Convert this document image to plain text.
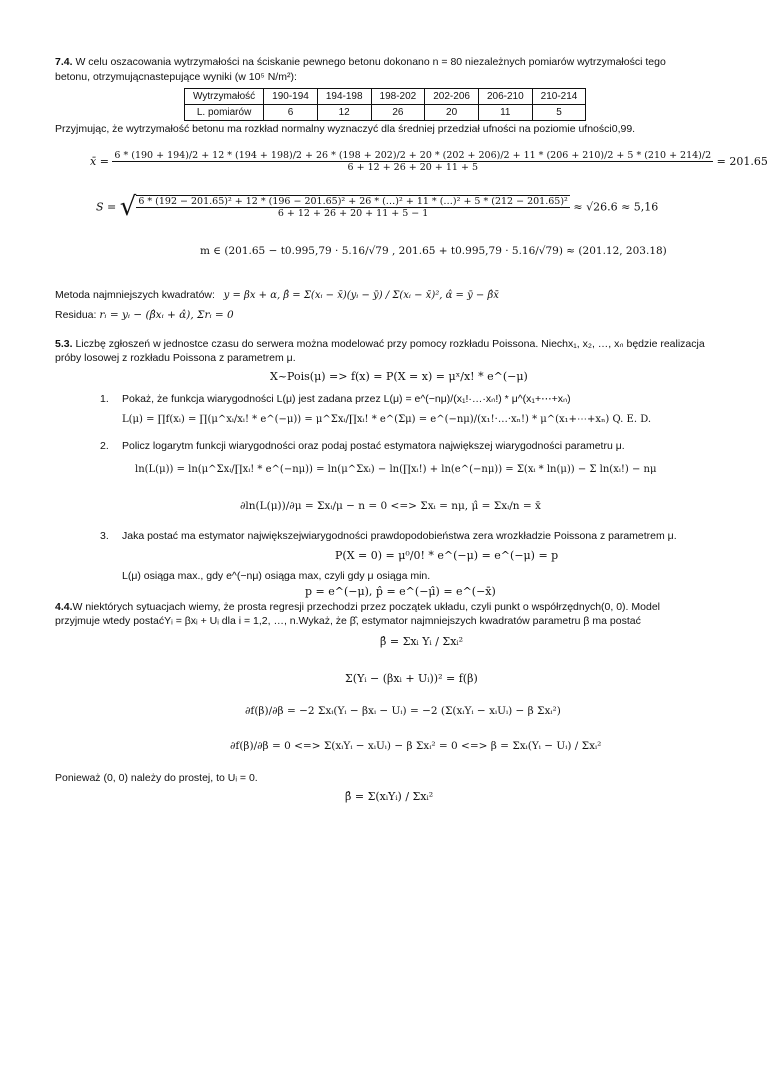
7.4. W celu oszacowania wytrzymałości na ściskanie pewnego betonu dokonano n = 80 niezależnych pomiarów wytrzymałości tego
betonu, otrzymującnastepujące wyniki (w 10⁵ N/m²):
Wytrzymałość	190-194	194-198	198-202	202-206	206-210	210-214
L. pomiarów	6	12	26	20	11	5
Przyjmując, że wytrzymałość betonu ma rozkład normalny wyznaczyć dla średniej przedział ufności na poziomie ufności0,99.
x̄ = 6 * (190 + 194)/2 + 12 * (194 + 198)/2 + 26 * (198 + 202)/2 + 20 * (202 + 206)/2 + 11 * (206 + 210)/2 + 5 * (210 + 214)/2
6 + 12 + 26 + 20 + 11 + 5	= 201.65
S = √ 6 * (192 − 201.65)² + 12 * (196 − 201.65)² + 26 * (…)² + 11 * (…)² + 5 * (212 − 201.65)²
6 + 12 + 26 + 20 + 11 + 5 − 1	≈ √26.6 ≈ 5,16
m ∈ (201.65 − t0.995,79 · 5.16/√79 , 201.65 + t0.995,79 · 5.16/√79) ≈ (201.12, 203.18)
Metoda najmniejszych kwadratów: y = βx + α, β̂ = Σ(xᵢ − x̄)(yᵢ − ȳ) / Σ(xᵢ − x̄)², α̂ = ȳ − β̂x̄
Residua: rᵢ = yᵢ − (β̂xᵢ + α̂), Σrᵢ = 0
5.3. Liczbę zgłoszeń w jednostce czasu do serwera można modelować przy pomocy rozkładu Poissona. Niechx₁, x₂, …, xₙ będzie realizacja
próby losowej z rozkładu Poissona z parametrem μ.
X~Pois(μ) => f(x) = P(X = x) = μˣ/x! * e^(−μ)
1. Pokaż, że funkcja wiarygodności L(μ) jest zadana przez L(μ) = e^(−nμ)/(x₁!·…·xₙ!) * μ^(x₁+⋯+xₙ)
L(μ) = ∏f(xᵢ) = ∏(μ^xᵢ/xᵢ! * e^(−μ)) = μ^Σxᵢ/∏xᵢ! * e^(Σμ) = e^(−nμ)/(x₁!·…·xₙ!) * μ^(x₁+⋯+xₙ) Q. E. D.
2. Policz logarytm funkcji wiarygodności oraz podaj postać estymatora największej wiarygodności parametru μ.
ln(L(μ)) = ln(μ^Σxᵢ/∏xᵢ! * e^(−nμ)) = ln(μ^Σxᵢ) − ln(∏xᵢ!) + ln(e^(−nμ)) = Σ(xᵢ * ln(μ)) − Σ ln(xᵢ!) − nμ
∂ln(L(μ))/∂μ = Σxᵢ/μ − n = 0 <=> Σxᵢ = nμ, μ̂ = Σxᵢ/n = x̄
3. Jaka postać ma estymator największejwiarygodności prawdopodobieństwa zera wrozkładzie Poissona z parametrem μ.
P(X = 0) = μ⁰/0! * e^(−μ) = e^(−μ) = p
L(μ) osiąga max., gdy e^(−nμ) osiąga max, czyli gdy μ osiąga min.
p = e^(−μ), p̂ = e^(−μ̂) = e^(−x̄)
4.4.W niektórych sytuacjach wiemy, że prosta regresji przechodzi przez początek układu, czyli punkt o współrzędnych(0, 0). Model
przyjmuje wtedy postaćYᵢ = βxᵢ + Uᵢ dla i = 1,2, …, n.Wykaż, że β̂, estymator najmniejszych kwadratów parametru β ma postać
β̂ = Σxᵢ Yᵢ / Σxᵢ²
Σ(Yᵢ − (βxᵢ + Uᵢ))² = f(β)
∂f(β)/∂β = −2 Σxᵢ(Yᵢ − βxᵢ − Uᵢ) = −2 (Σ(xᵢYᵢ − xᵢUᵢ) − β Σxᵢ²)
∂f(β)/∂β = 0 <=> Σ(xᵢYᵢ − xᵢUᵢ) − β Σxᵢ² = 0 <=> β = Σxᵢ(Yᵢ − Uᵢ) / Σxᵢ²
Ponieważ (0, 0) należy do prostej, to Uᵢ = 0.
β̂ = Σ(xᵢYᵢ) / Σxᵢ²
